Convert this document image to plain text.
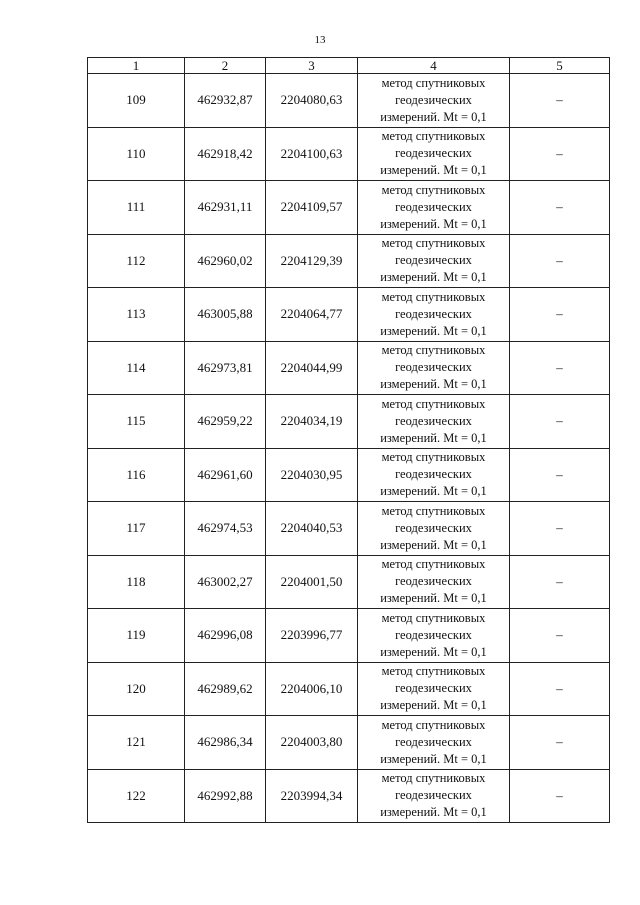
13
1	2	3	4	5
109	462932,87	2204080,63	метод спутниковых
геодезических
измерений. Mt = 0,1	–
110	462918,42	2204100,63	метод спутниковых
геодезических
измерений. Mt = 0,1	–
111	462931,11	2204109,57	метод спутниковых
геодезических
измерений. Mt = 0,1	–
112	462960,02	2204129,39	метод спутниковых
геодезических
измерений. Mt = 0,1	–
113	463005,88	2204064,77	метод спутниковых
геодезических
измерений. Mt = 0,1	–
114	462973,81	2204044,99	метод спутниковых
геодезических
измерений. Mt = 0,1	–
115	462959,22	2204034,19	метод спутниковых
геодезических
измерений. Mt = 0,1	–
116	462961,60	2204030,95	метод спутниковых
геодезических
измерений. Mt = 0,1	–
117	462974,53	2204040,53	метод спутниковых
геодезических
измерений. Mt = 0,1	–
118	463002,27	2204001,50	метод спутниковых
геодезических
измерений. Mt = 0,1	–
119	462996,08	2203996,77	метод спутниковых
геодезических
измерений. Mt = 0,1	–
120	462989,62	2204006,10	метод спутниковых
геодезических
измерений. Mt = 0,1	–
121	462986,34	2204003,80	метод спутниковых
геодезических
измерений. Mt = 0,1	–
122	462992,88	2203994,34	метод спутниковых
геодезических
измерений. Mt = 0,1	–
